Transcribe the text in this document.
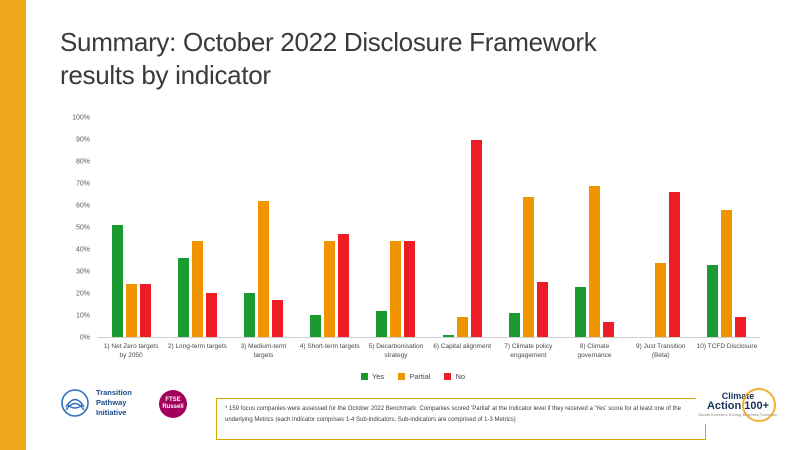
Summary: October 2022 Disclosure Framework results by indicator
0%
10%
20%
30%
40%
50%
60%
70%
80%
90%
100%
1) Net Zero targets by 2050
2) Long-term targets	3) Medium-term targets
4) Short-term targets	5) Decarbonisation strategy
6) Capital alignment	7) Climate policy engagement
8) Climate governance
9) Just Transition (Beta)
10) TCFD Disclosure
Yes	Partial	No
Transition
Pathway
Initiative
FTSE
Russell	* 159 focus companies were assessed for the October 2022 Benchmark. Companies scored 'Partial' at the Indicator level if they received a 'Yes' score for at least one of the underlying Metrics (each Indicator comprises 1-4 Sub-indicators; Sub-indicators are comprised of 1-3 Metrics)
Climate
Action 100+
Global Investors Driving Business Transition
